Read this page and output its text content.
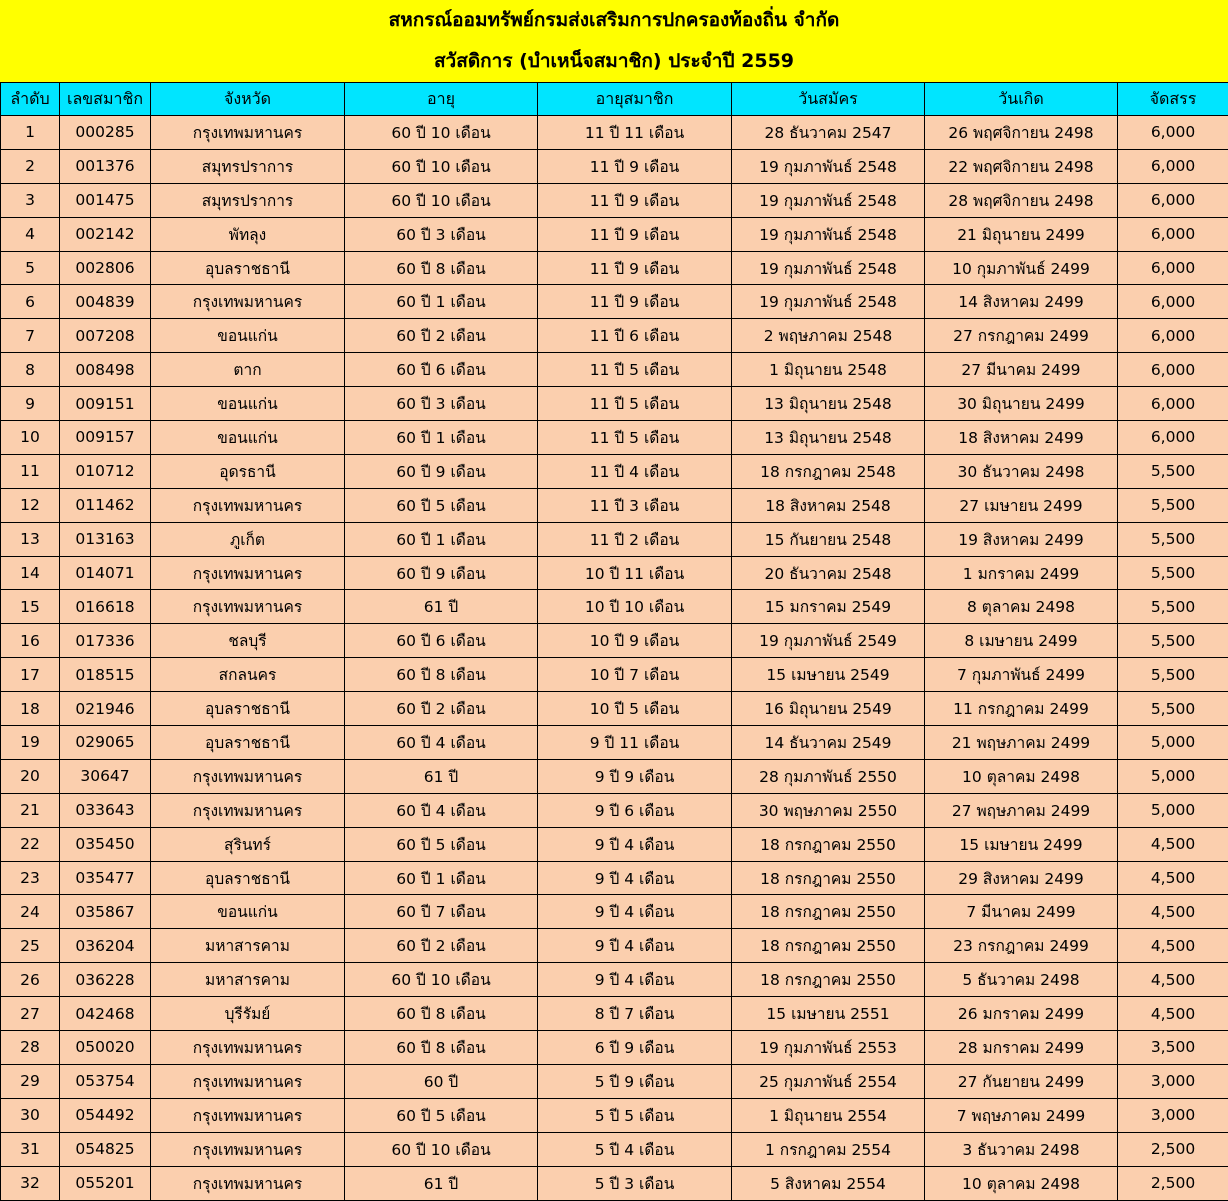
สหกรณ์ออมทรัพย์กรมส่งเสริมการปกครองท้องถิ่น จำกัด
สวัสดิการ (บำเหน็จสมาชิก) ประจำปี 2559
ลำดับ	เลขสมาชิก	จังหวัด	อายุ	อายุสมาชิก	วันสมัคร	วันเกิด	จัดสรร
1	000285	กรุงเทพมหานคร	60 ปี 10 เดือน	11 ปี 11 เดือน	28 ธันวาคม 2547	26 พฤศจิกายน 2498	6,000
2	001376	สมุทรปราการ	60 ปี 10 เดือน	11 ปี 9 เดือน	19 กุมภาพันธ์ 2548	22 พฤศจิกายน 2498	6,000
3	001475	สมุทรปราการ	60 ปี 10 เดือน	11 ปี 9 เดือน	19 กุมภาพันธ์ 2548	28 พฤศจิกายน 2498	6,000
4	002142	พัทลุง	60 ปี 3 เดือน	11 ปี 9 เดือน	19 กุมภาพันธ์ 2548	21 มิถุนายน 2499	6,000
5	002806	อุบลราชธานี	60 ปี 8 เดือน	11 ปี 9 เดือน	19 กุมภาพันธ์ 2548	10 กุมภาพันธ์ 2499	6,000
6	004839	กรุงเทพมหานคร	60 ปี 1 เดือน	11 ปี 9 เดือน	19 กุมภาพันธ์ 2548	14 สิงหาคม 2499	6,000
7	007208	ขอนแก่น	60 ปี 2 เดือน	11 ปี 6 เดือน	2 พฤษภาคม 2548	27 กรกฎาคม 2499	6,000
8	008498	ตาก	60 ปี 6 เดือน	11 ปี 5 เดือน	1 มิถุนายน 2548	27 มีนาคม 2499	6,000
9	009151	ขอนแก่น	60 ปี 3 เดือน	11 ปี 5 เดือน	13 มิถุนายน 2548	30 มิถุนายน 2499	6,000
10	009157	ขอนแก่น	60 ปี 1 เดือน	11 ปี 5 เดือน	13 มิถุนายน 2548	18 สิงหาคม 2499	6,000
11	010712	อุดรธานี	60 ปี 9 เดือน	11 ปี 4 เดือน	18 กรกฎาคม 2548	30 ธันวาคม 2498	5,500
12	011462	กรุงเทพมหานคร	60 ปี 5 เดือน	11 ปี 3 เดือน	18 สิงหาคม 2548	27 เมษายน 2499	5,500
13	013163	ภูเก็ต	60 ปี 1 เดือน	11 ปี 2 เดือน	15 กันยายน 2548	19 สิงหาคม 2499	5,500
14	014071	กรุงเทพมหานคร	60 ปี 9 เดือน	10 ปี 11 เดือน	20 ธันวาคม 2548	1 มกราคม 2499	5,500
15	016618	กรุงเทพมหานคร	61 ปี	10 ปี 10 เดือน	15 มกราคม 2549	8 ตุลาคม 2498	5,500
16	017336	ชลบุรี	60 ปี 6 เดือน	10 ปี 9 เดือน	19 กุมภาพันธ์ 2549	8 เมษายน 2499	5,500
17	018515	สกลนคร	60 ปี 8 เดือน	10 ปี 7 เดือน	15 เมษายน 2549	7 กุมภาพันธ์ 2499	5,500
18	021946	อุบลราชธานี	60 ปี 2 เดือน	10 ปี 5 เดือน	16 มิถุนายน 2549	11 กรกฎาคม 2499	5,500
19	029065	อุบลราชธานี	60 ปี 4 เดือน	9 ปี 11 เดือน	14 ธันวาคม 2549	21 พฤษภาคม 2499	5,000
20	30647	กรุงเทพมหานคร	61 ปี	9 ปี 9 เดือน	28 กุมภาพันธ์ 2550	10 ตุลาคม 2498	5,000
21	033643	กรุงเทพมหานคร	60 ปี 4 เดือน	9 ปี 6 เดือน	30 พฤษภาคม 2550	27 พฤษภาคม 2499	5,000
22	035450	สุรินทร์	60 ปี 5 เดือน	9 ปี 4 เดือน	18 กรกฎาคม 2550	15 เมษายน 2499	4,500
23	035477	อุบลราชธานี	60 ปี 1 เดือน	9 ปี 4 เดือน	18 กรกฎาคม 2550	29 สิงหาคม 2499	4,500
24	035867	ขอนแก่น	60 ปี 7 เดือน	9 ปี 4 เดือน	18 กรกฎาคม 2550	7 มีนาคม 2499	4,500
25	036204	มหาสารคาม	60 ปี 2 เดือน	9 ปี 4 เดือน	18 กรกฎาคม 2550	23 กรกฎาคม 2499	4,500
26	036228	มหาสารคาม	60 ปี 10 เดือน	9 ปี 4 เดือน	18 กรกฎาคม 2550	5 ธันวาคม 2498	4,500
27	042468	บุรีรัมย์	60 ปี 8 เดือน	8 ปี 7 เดือน	15 เมษายน 2551	26 มกราคม 2499	4,500
28	050020	กรุงเทพมหานคร	60 ปี 8 เดือน	6 ปี 9 เดือน	19 กุมภาพันธ์ 2553	28 มกราคม 2499	3,500
29	053754	กรุงเทพมหานคร	60 ปี	5 ปี 9 เดือน	25 กุมภาพันธ์ 2554	27 กันยายน 2499	3,000
30	054492	กรุงเทพมหานคร	60 ปี 5 เดือน	5 ปี 5 เดือน	1 มิถุนายน 2554	7 พฤษภาคม 2499	3,000
31	054825	กรุงเทพมหานคร	60 ปี 10 เดือน	5 ปี 4 เดือน	1 กรกฎาคม 2554	3 ธันวาคม 2498	2,500
32	055201	กรุงเทพมหานคร	61 ปี	5 ปี 3 เดือน	5 สิงหาคม 2554	10 ตุลาคม 2498	2,500
